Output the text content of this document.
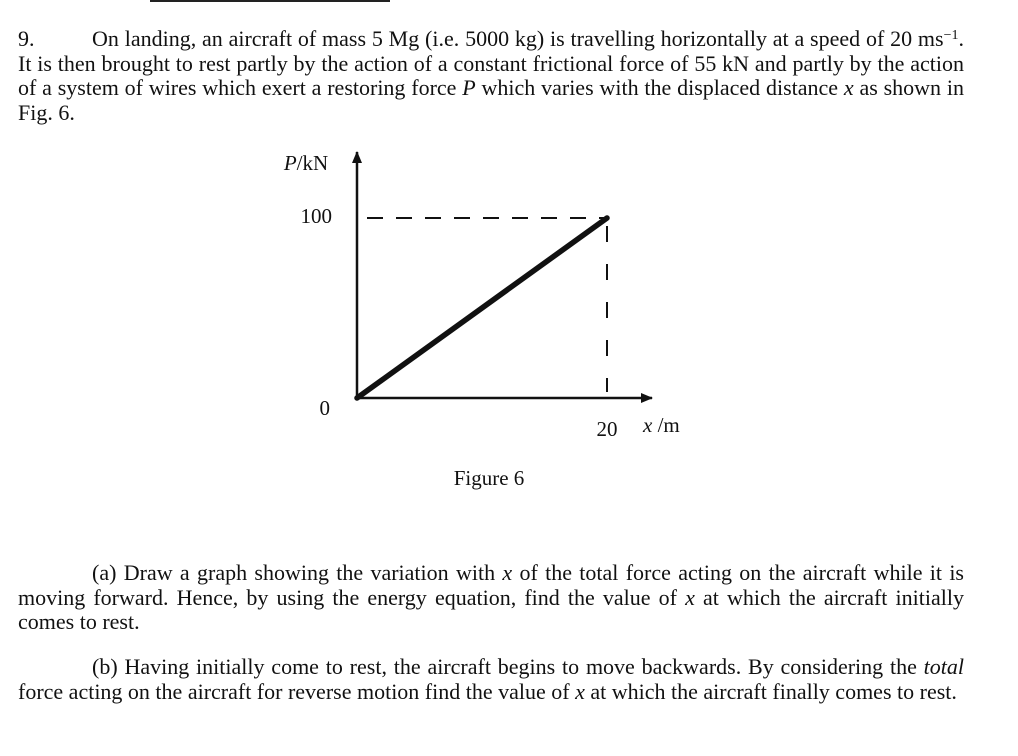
9.	On landing, an aircraft of mass 5 Mg (i.e. 5000 kg) is travelling horizontally at a speed of 20 $ms^{-1}$. It is then brought to rest partly by the action of a constant frictional force of 55 kN and partly by the action of a system of wires which exert a restoring force P which varies with the displaced distance x as shown in Fig. 6.
P/kN
100
0
20 x /m
Figure 6
(a) Draw a graph showing the variation with x of the total force acting on the aircraft while it is moving forward. Hence, by using the energy equation, find the value of x at which the aircraft initially comes to rest.
(b) Having initially come to rest, the aircraft begins to move backwards. By considering the total force acting on the aircraft for reverse motion find the value of x at which the aircraft finally comes to rest.
